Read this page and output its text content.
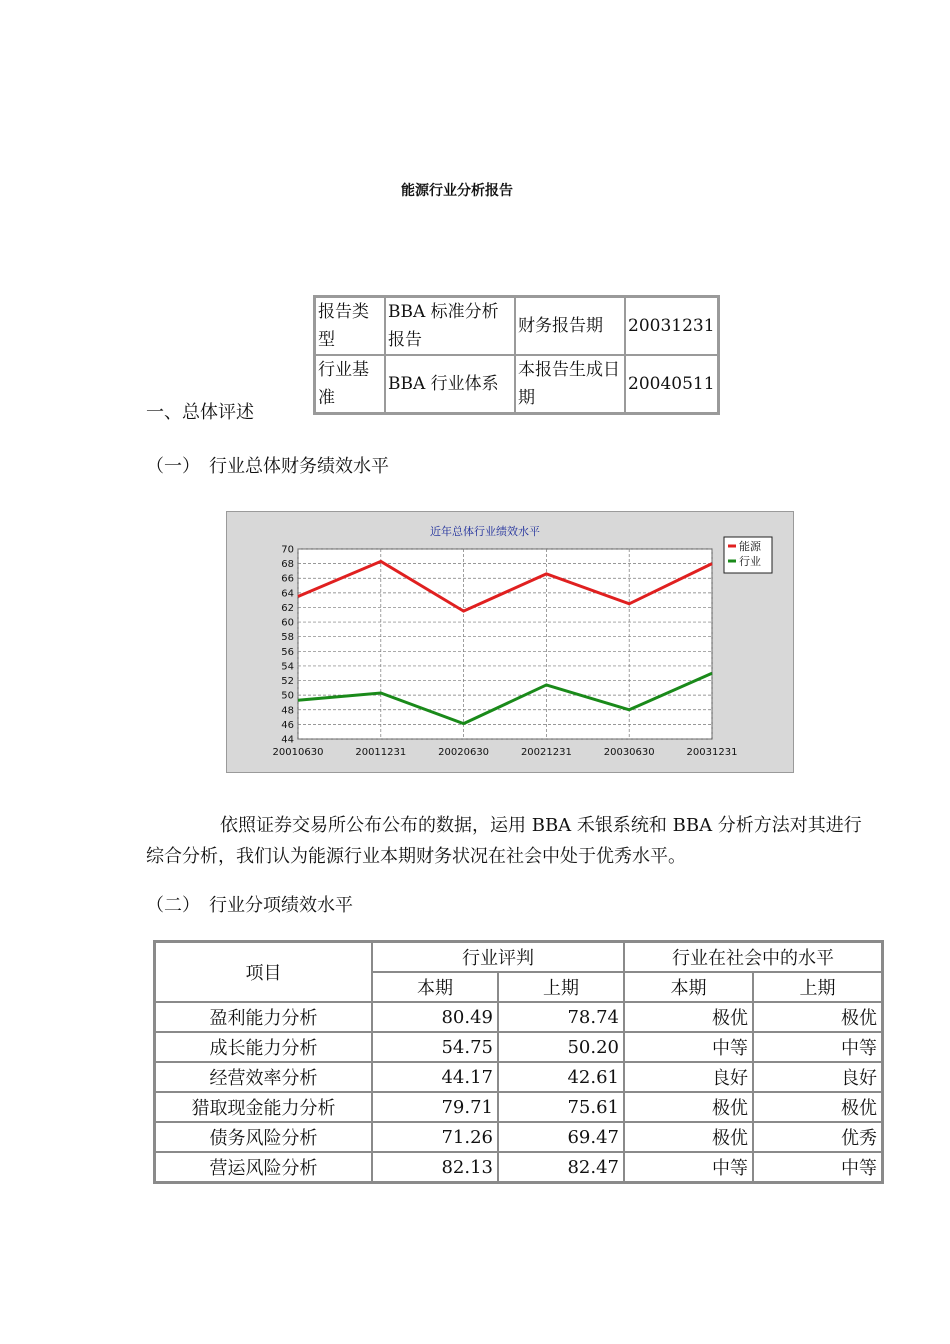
能源行业分析报告
报告类型	BBA 标准分析报告	财务报告期	20031231
行业基准	BBA 行业体系	本报告生成日期	20040511
一、总体评述
（一）　行业总体财务绩效水平
近年总体行业绩效水平
44
46
48
50
52
54
56
58
60
62
64
66
68
70
20010630	20011231	20020630	20021231	20030630	20031231
能源
行业
依照证券交易所公布公布的数据，运用 BBA 禾银系统和 BBA 分析方法对其进行综合分析，我们认为能源行业本期财务状况在社会中处于优秀水平。
（二）　行业分项绩效水平
项目	行业评判		行业在社会中的水平	
	本期	上期	本期	上期
盈利能力分析	80.49	78.74	极优	极优
成长能力分析	54.75	50.20	中等	中等
经营效率分析	44.17	42.61	良好	良好
猎取现金能力分析	79.71	75.61	极优	极优
债务风险分析	71.26	69.47	极优	优秀
营运风险分析	82.13	82.47	中等	中等
